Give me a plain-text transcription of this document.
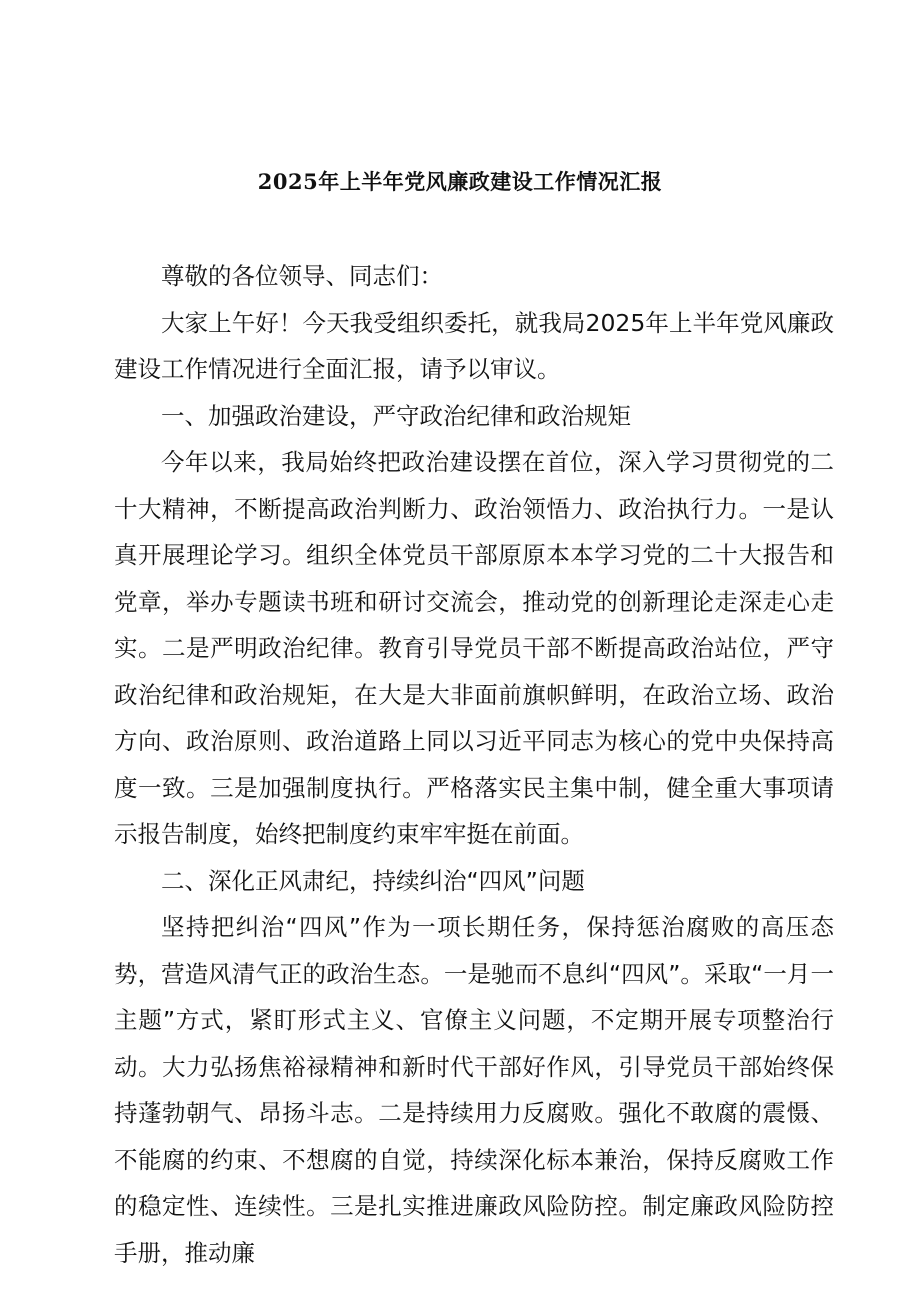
2025年上半年党风廉政建设工作情况汇报

尊敬的各位领导、同志们：

大家上午好！今天我受组织委托，就我局2025年上半年党风廉政建设工作情况进行全面汇报，请予以审议。

一、加强政治建设，严守政治纪律和政治规矩

今年以来，我局始终把政治建设摆在首位，深入学习贯彻党的二十大精神，不断提高政治判断力、政治领悟力、政治执行力。一是认真开展理论学习。组织全体党员干部原原本本学习党的二十大报告和党章，举办专题读书班和研讨交流会，推动党的创新理论走深走心走实。二是严明政治纪律。教育引导党员干部不断提高政治站位，严守政治纪律和政治规矩，在大是大非面前旗帜鲜明，在政治立场、政治方向、政治原则、政治道路上同以习近平同志为核心的党中央保持高度一致。三是加强制度执行。严格落实民主集中制，健全重大事项请示报告制度，始终把制度约束牢牢挺在前面。

二、深化正风肃纪，持续纠治“四风”问题

坚持把纠治“四风”作为一项长期任务，保持惩治腐败的高压态势，营造风清气正的政治生态。一是驰而不息纠“四风”。采取“一月一主题”方式，紧盯形式主义、官僚主义问题，不定期开展专项整治行动。大力弘扬焦裕禄精神和新时代干部好作风，引导党员干部始终保持蓬勃朝气、昂扬斗志。二是持续用力反腐败。强化不敢腐的震慑、不能腐的约束、不想腐的自觉，持续深化标本兼治，保持反腐败工作的稳定性、连续性。三是扎实推进廉政风险防控。制定廉政风险防控手册，推动廉
